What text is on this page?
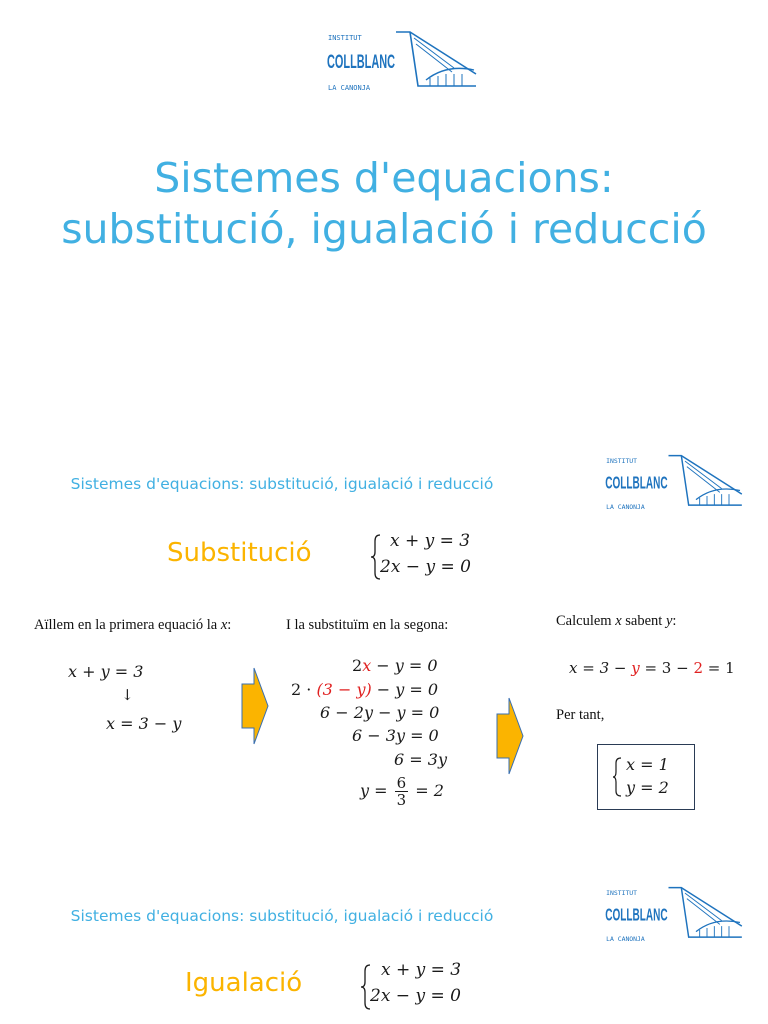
INSTITUT
COLLBLANC
LA CANONJA
Sistemes d'equacions:
substitució, igualació i reducció
Sistemes d'equacions: substitució, igualació i reducció
INSTITUT
COLLBLANC
LA CANONJA
Substitució	x + y = 3
2x − y = 0
Aïllem en la primera equació la x:
x + y = 3
↓
x = 3 − y
I la substituïm en la segona:
2x − y = 0
2 · (3 − y) − y = 0
6 − 2y − y = 0
6 − 3y = 0
6 = 3y
$y = \frac{6}{3} = 2$
Calculem x sabent y:
x = 3 − y = 3 − 2 = 1
Per tant,
x = 1
y = 2
Sistemes d'equacions: substitució, igualació i reducció
INSTITUT
COLLBLANC
LA CANONJA
Igualació	x + y = 3
2x − y = 0
